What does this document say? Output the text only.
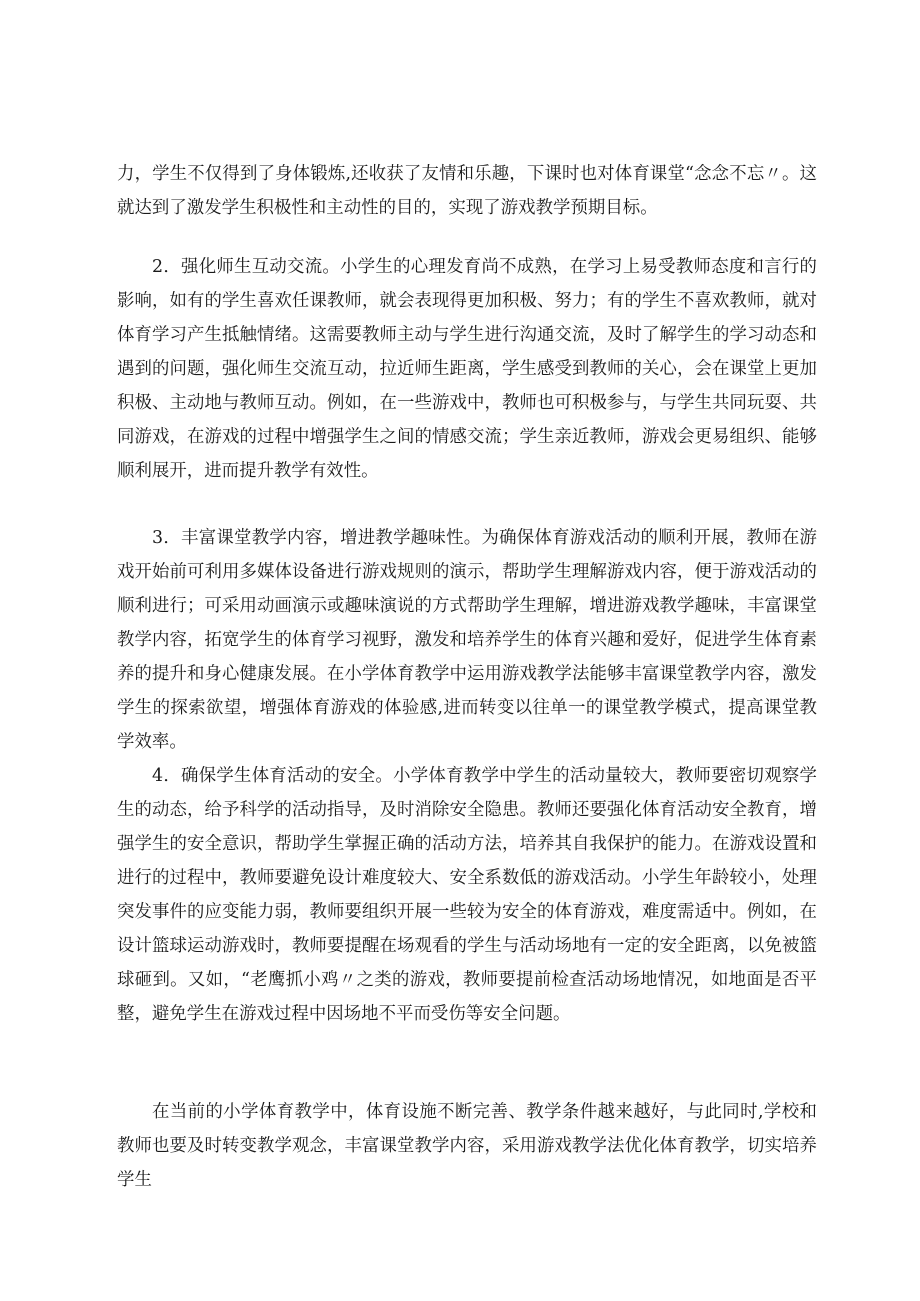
力，学生不仅得到了身体锻炼,还收获了友情和乐趣，下课时也对体育课堂“念念不忘〃。这就达到了激发学生积极性和主动性的目的，实现了游戏教学预期目标。

2．强化师生互动交流。小学生的心理发育尚不成熟，在学习上易受教师态度和言行的影响，如有的学生喜欢任课教师，就会表现得更加积极、努力；有的学生不喜欢教师，就对体育学习产生抵触情绪。这需要教师主动与学生进行沟通交流，及时了解学生的学习动态和遇到的问题，强化师生交流互动，拉近师生距离，学生感受到教师的关心，会在课堂上更加积极、主动地与教师互动。例如，在一些游戏中，教师也可积极参与，与学生共同玩耍、共同游戏，在游戏的过程中增强学生之间的情感交流；学生亲近教师，游戏会更易组织、能够顺利展开，进而提升教学有效性。

3．丰富课堂教学内容，增进教学趣味性。为确保体育游戏活动的顺利开展，教师在游戏开始前可利用多媒体设备进行游戏规则的演示，帮助学生理解游戏内容，便于游戏活动的顺利进行；可采用动画演示或趣味演说的方式帮助学生理解，增进游戏教学趣味，丰富课堂教学内容，拓宽学生的体育学习视野，激发和培养学生的体育兴趣和爱好，促进学生体育素养的提升和身心健康发展。在小学体育教学中运用游戏教学法能够丰富课堂教学内容，激发学生的探索欲望，增强体育游戏的体验感,进而转变以往单一的课堂教学模式，提高课堂教学效率。

4．确保学生体育活动的安全。小学体育教学中学生的活动量较大，教师要密切观察学生的动态，给予科学的活动指导，及时消除安全隐患。教师还要强化体育活动安全教育，增强学生的安全意识，帮助学生掌握正确的活动方法，培养其自我保护的能力。在游戏设置和进行的过程中，教师要避免设计难度较大、安全系数低的游戏活动。小学生年龄较小，处理突发事件的应变能力弱，教师要组织开展一些较为安全的体育游戏，难度需适中。例如，在设计篮球运动游戏时，教师要提醒在场观看的学生与活动场地有一定的安全距离，以免被篮球砸到。又如，“老鹰抓小鸡〃之类的游戏，教师要提前检查活动场地情况，如地面是否平整，避免学生在游戏过程中因场地不平而受伤等安全问题。

在当前的小学体育教学中，体育设施不断完善、教学条件越来越好，与此同时,学校和教师也要及时转变教学观念，丰富课堂教学内容，采用游戏教学法优化体育教学，切实培养学生
